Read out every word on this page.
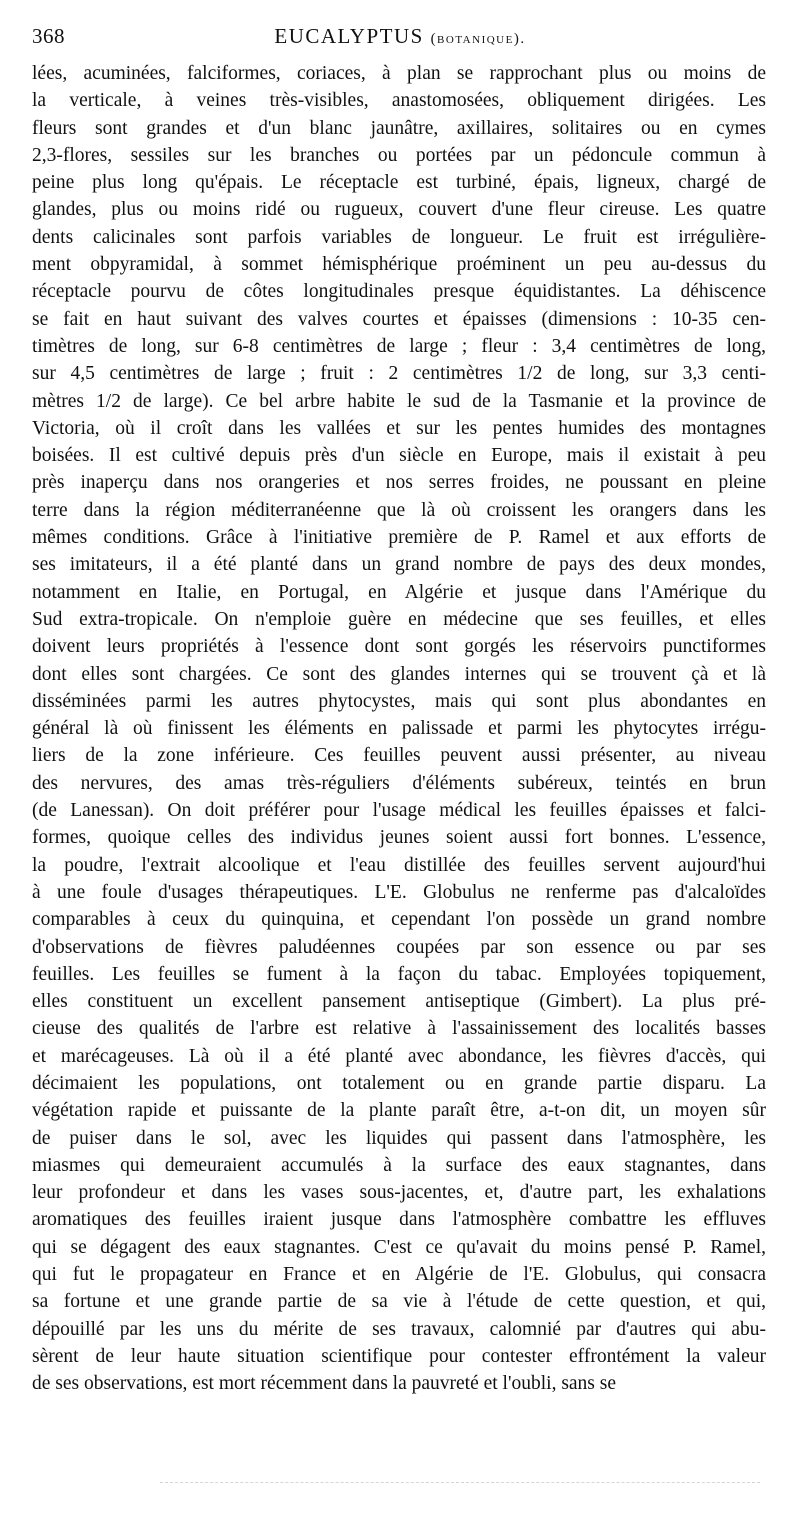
368	EUCALYPTUS (botanique).
lées, acuminées, falciformes, coriaces, à plan se rapprochant plus ou moins de
la verticale, à veines très-visibles, anastomosées, obliquement dirigées. Les
fleurs sont grandes et d'un blanc jaunâtre, axillaires, solitaires ou en cymes
2,3-flores, sessiles sur les branches ou portées par un pédoncule commun à
peine plus long qu'épais. Le réceptacle est turbiné, épais, ligneux, chargé de
glandes, plus ou moins ridé ou rugueux, couvert d'une fleur cireuse. Les quatre
dents calicinales sont parfois variables de longueur. Le fruit est irrégulière-
ment obpyramidal, à sommet hémisphérique proéminent un peu au-dessus du
réceptacle pourvu de côtes longitudinales presque équidistantes. La déhiscence
se fait en haut suivant des valves courtes et épaisses (dimensions : 10-35 cen-
timètres de long, sur 6-8 centimètres de large ; fleur : 3,4 centimètres de long,
sur 4,5 centimètres de large ; fruit : 2 centimètres 1/2 de long, sur 3,3 centi-
mètres 1/2 de large). Ce bel arbre habite le sud de la Tasmanie et la province de
Victoria, où il croît dans les vallées et sur les pentes humides des montagnes
boisées. Il est cultivé depuis près d'un siècle en Europe, mais il existait à peu
près inaperçu dans nos orangeries et nos serres froides, ne poussant en pleine
terre dans la région méditerranéenne que là où croissent les orangers dans les
mêmes conditions. Grâce à l'initiative première de P. Ramel et aux efforts de
ses imitateurs, il a été planté dans un grand nombre de pays des deux mondes,
notamment en Italie, en Portugal, en Algérie et jusque dans l'Amérique du
Sud extra-tropicale. On n'emploie guère en médecine que ses feuilles, et elles
doivent leurs propriétés à l'essence dont sont gorgés les réservoirs punctiformes
dont elles sont chargées. Ce sont des glandes internes qui se trouvent çà et là
disséminées parmi les autres phytocystes, mais qui sont plus abondantes en
général là où finissent les éléments en palissade et parmi les phytocytes irrégu-
liers de la zone inférieure. Ces feuilles peuvent aussi présenter, au niveau
des nervures, des amas très-réguliers d'éléments subéreux, teintés en brun
(de Lanessan). On doit préférer pour l'usage médical les feuilles épaisses et falci-
formes, quoique celles des individus jeunes soient aussi fort bonnes. L'essence,
la poudre, l'extrait alcoolique et l'eau distillée des feuilles servent aujourd'hui
à une foule d'usages thérapeutiques. L'E. Globulus ne renferme pas d'alcaloïdes
comparables à ceux du quinquina, et cependant l'on possède un grand nombre
d'observations de fièvres paludéennes coupées par son essence ou par ses
feuilles. Les feuilles se fument à la façon du tabac. Employées topiquement,
elles constituent un excellent pansement antiseptique (Gimbert). La plus pré-
cieuse des qualités de l'arbre est relative à l'assainissement des localités basses
et marécageuses. Là où il a été planté avec abondance, les fièvres d'accès, qui
décimaient les populations, ont totalement ou en grande partie disparu. La
végétation rapide et puissante de la plante paraît être, a-t-on dit, un moyen sûr
de puiser dans le sol, avec les liquides qui passent dans l'atmosphère, les
miasmes qui demeuraient accumulés à la surface des eaux stagnantes, dans
leur profondeur et dans les vases sous-jacentes, et, d'autre part, les exhalations
aromatiques des feuilles iraient jusque dans l'atmosphère combattre les effluves
qui se dégagent des eaux stagnantes. C'est ce qu'avait du moins pensé P. Ramel,
qui fut le propagateur en France et en Algérie de l'E. Globulus, qui consacra
sa fortune et une grande partie de sa vie à l'étude de cette question, et qui,
dépouillé par les uns du mérite de ses travaux, calomnié par d'autres qui abu-
sèrent de leur haute situation scientifique pour contester effrontément la valeur
de ses observations, est mort récemment dans la pauvreté et l'oubli, sans se
